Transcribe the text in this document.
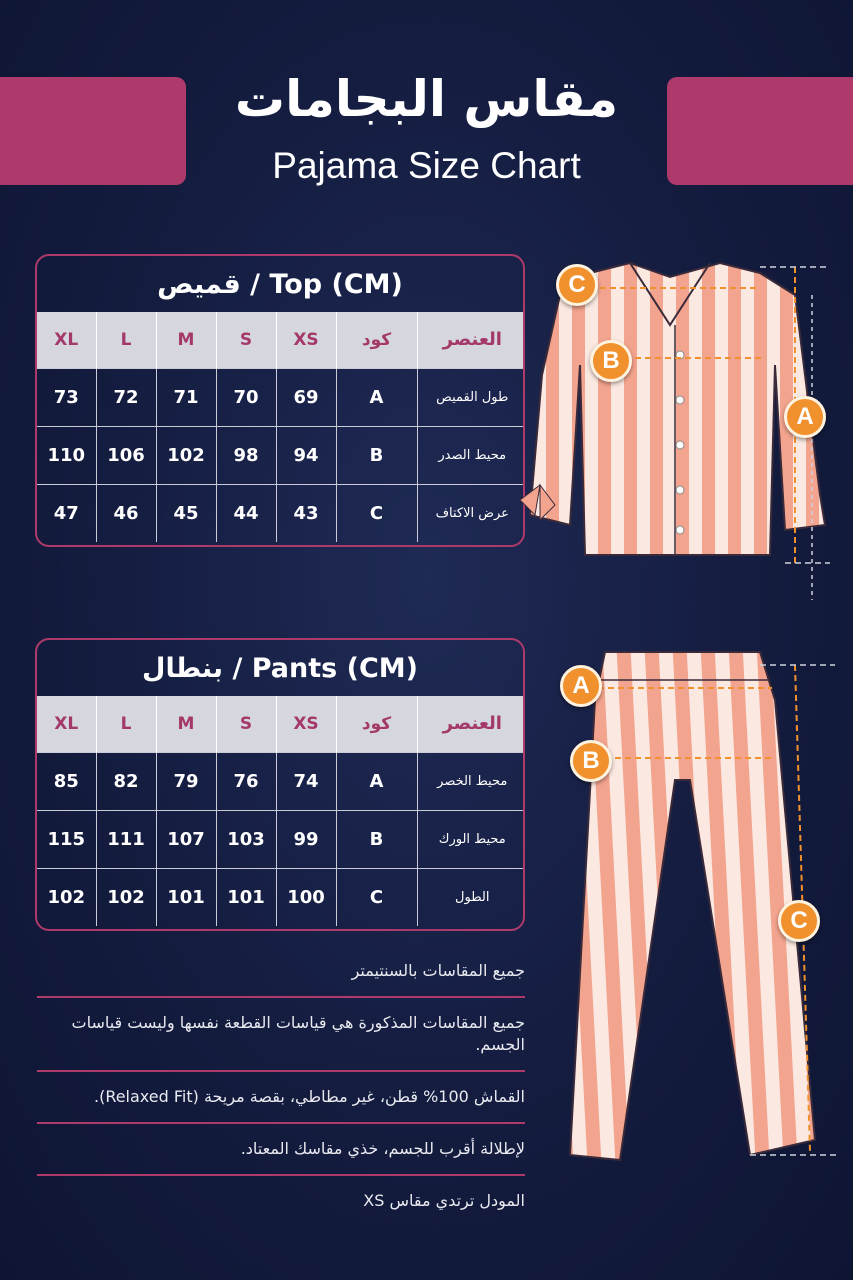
مقاس البجامات
Pajama Size Chart
Top (CM) / قميص
XL	L	M	S	XS	كود	العنصر
73	72	71	70	69	A	طول القميص
110	106	102	98	94	B	محيط الصدر
47	46	45	44	43	C	عرض الاكتاف
Pants (CM) / بنطال
XL	L	M	S	XS	كود	العنصر
85	82	79	76	74	A	محيط الخصر
115	111	107	103	99	B	محيط الورك
102	102	101	101	100	C	الطول
جميع المقاسات بالسنتيمتر
جميع المقاسات المذكورة هي قياسات القطعة نفسها وليست قياسات الجسم.
القماش 100% قطن، غير مطاطي، بقصة مريحة (Relaxed Fit).
لإطلالة أقرب للجسم، خذي مقاسك المعتاد.
المودل ترتدي مقاس XS
C
B
A
A
B
C
